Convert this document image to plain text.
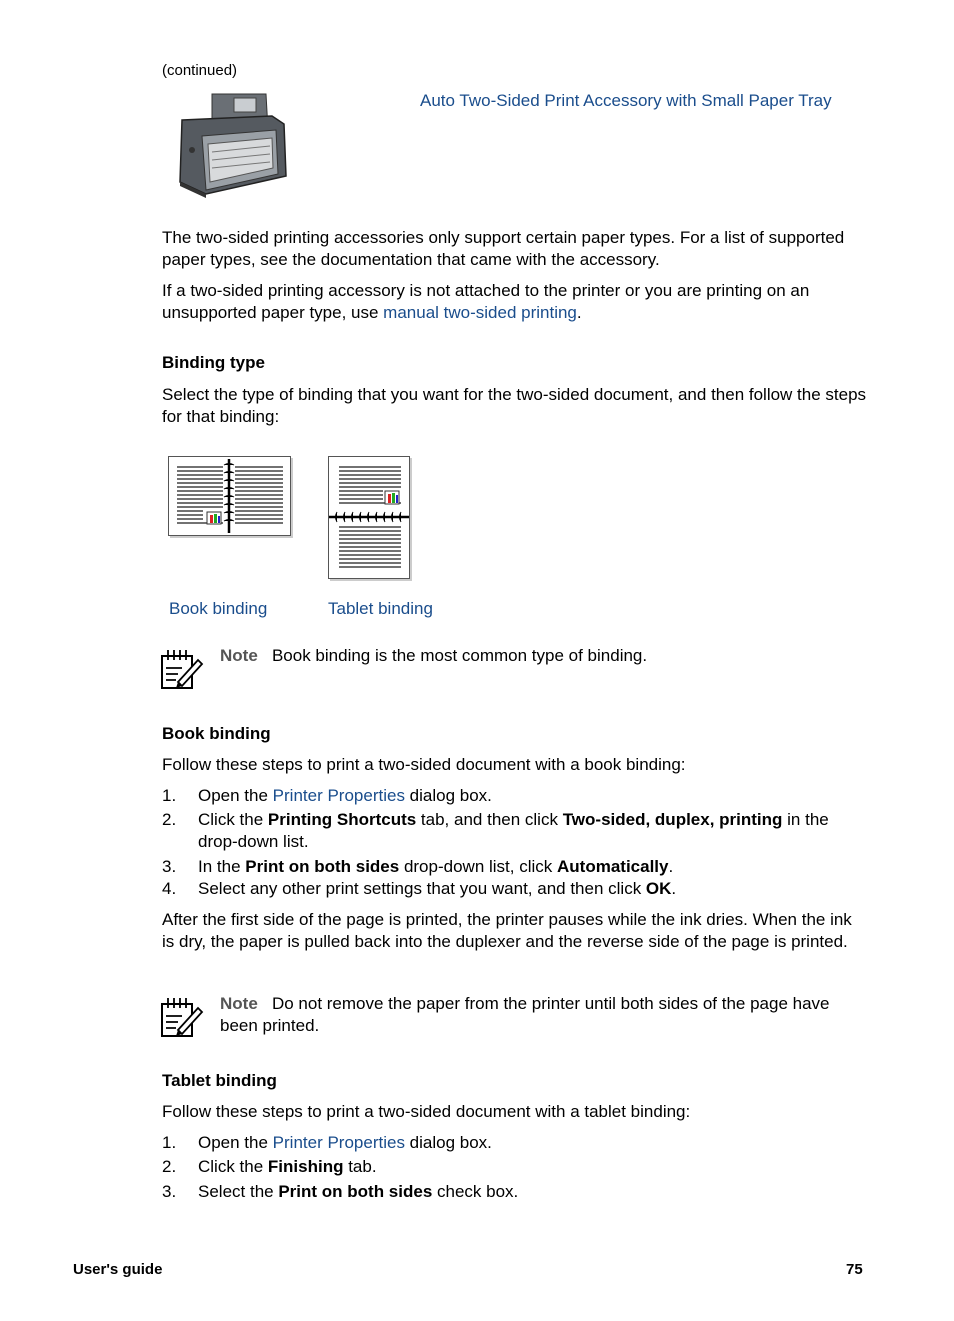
(continued)
Auto Two-Sided Print Accessory with Small Paper Tray
The two-sided printing accessories only support certain paper types. For a list of supported paper types, see the documentation that came with the accessory.
If a two-sided printing accessory is not attached to the printer or you are printing on an unsupported paper type, use manual two-sided printing.
Binding type
Select the type of binding that you want for the two-sided document, and then follow the steps for that binding:
Book binding	Tablet binding
Note Book binding is the most common type of binding.
Book binding
Follow these steps to print a two-sided document with a book binding:
1. Open the Printer Properties dialog box.
2. Click the Printing Shortcuts tab, and then click Two-sided, duplex, printing in the drop-down list.
3. In the Print on both sides drop-down list, click Automatically.
4. Select any other print settings that you want, and then click OK.
After the first side of the page is printed, the printer pauses while the ink dries. When the ink is dry, the paper is pulled back into the duplexer and the reverse side of the page is printed.
Note Do not remove the paper from the printer until both sides of the page have been printed.
Tablet binding
Follow these steps to print a two-sided document with a tablet binding:
1. Open the Printer Properties dialog box.
2. Click the Finishing tab.
3. Select the Print on both sides check box.
User's guide	75
